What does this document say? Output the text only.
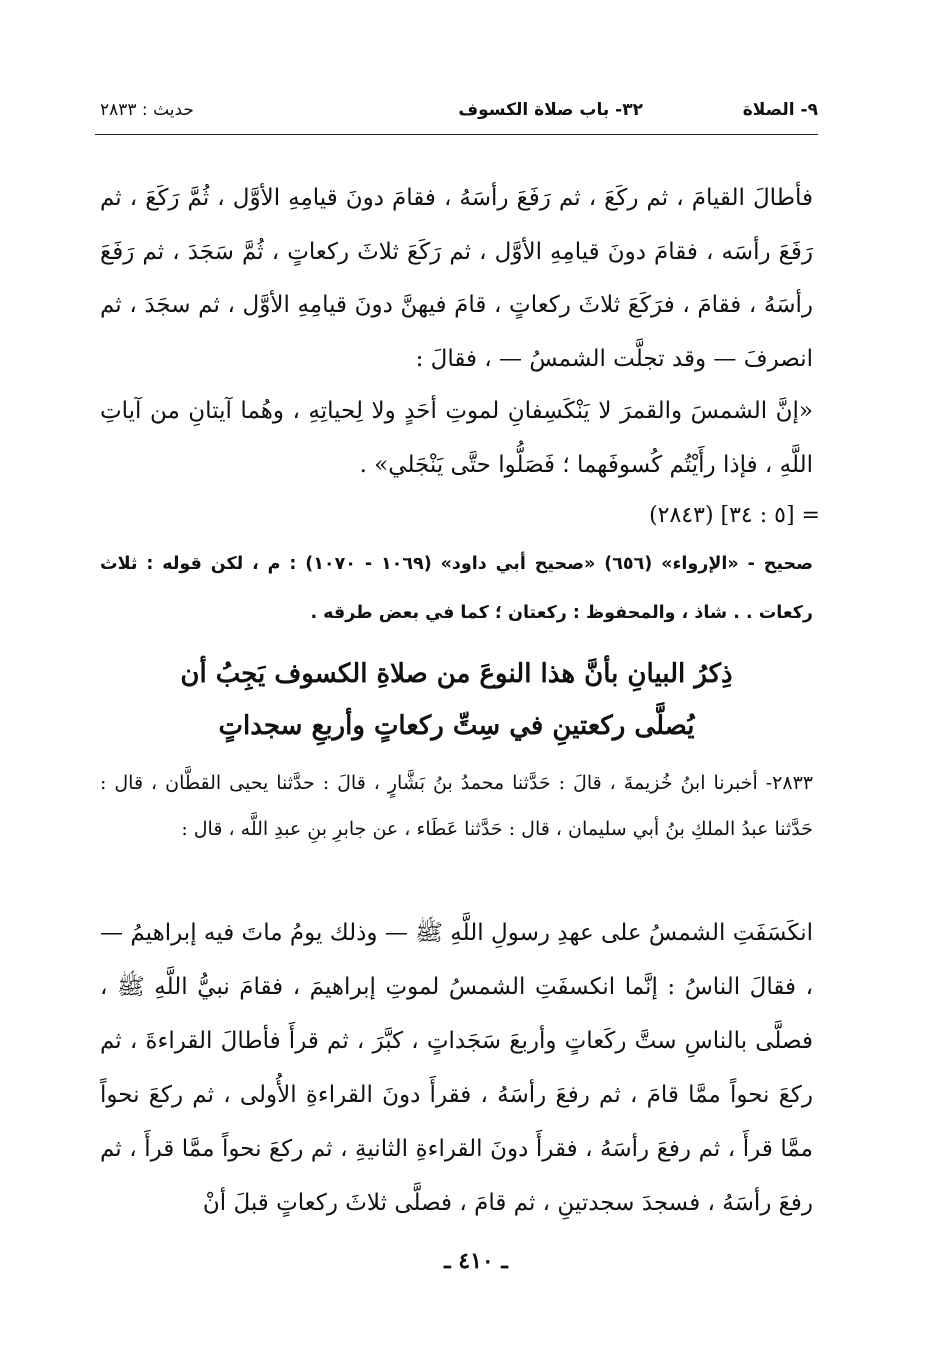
٩- الصلاة
٣٢- باب صلاة الكسوف
حديث : ٢٨٣٣

فأطالَ القيامَ ، ثم ركَعَ ، ثم رَفَعَ رأسَهُ ، فقامَ دونَ قيامِهِ الأوَّل ، ثُمَّ رَكَعَ ، ثم رَفَعَ رأسَه ، فقامَ دونَ قيامِهِ الأوَّل ، ثم رَكَعَ ثلاثَ ركعاتٍ ، ثُمَّ سَجَدَ ، ثم رَفَعَ رأسَهُ ، فقامَ ، فرَكَعَ ثلاثَ ركعاتٍ ، قامَ فيهنَّ دونَ قيامِهِ الأوَّل ، ثم سجَدَ ، ثم انصرفَ — وقد تجلَّت الشمسُ — ، فقالَ :

«إنَّ الشمسَ والقمرَ لا يَنْكَسِفانِ لموتِ أحَدٍ ولا لِحياتِهِ ، وهُما آيتانِ من آياتِ اللَّهِ ، فإذا رأَيْتُم كُسوفَهما ؛ فَصَلُّوا حتَّى يَنْجَلي» .

= [٥ : ٣٤] (٢٨٤٣)

صحيح - «الإرواء» (٦٥٦) «صحيح أبي داود» (١٠٦٩ - ١٠٧٠) : م ، لكن قوله : ثلاث ركعات . . شاذ ، والمحفوظ : ركعتان ؛ كما في بعض طرقه .

ذِكرُ البيانِ بأنَّ هذا النوعَ من صلاةِ الكسوف يَجِبُ أن
يُصلَّى ركعتينِ في سِتِّ ركعاتٍ وأربعِ سجداتٍ

٢٨٣٣- أخبرنا ابنُ خُزيمةَ ، قالَ : حَدَّثنا محمدُ بنُ بَشَّارٍ ، قالَ : حدَّثنا يحيى القطَّان ، قال : حَدَّثنا عبدُ الملكِ بنُ أبي سليمان ، قال : حَدَّثنا عَطَاء ، عن جابرِ بنِ عبدِ اللَّه ، قال :

انكَسَفَتِ الشمسُ على عهدِ رسولِ اللَّهِ ﷺ — وذلك يومُ ماتَ فيه إبراهيمُ — ، فقالَ الناسُ : إنَّما انكسفَتِ الشمسُ لموتِ إبراهيمَ ، فقامَ نبيُّ اللَّهِ ﷺ ، فصلَّى بالناسِ ستَّ ركَعاتٍ وأربعَ سَجَداتٍ ، كبَّرَ ، ثم قرأَ فأطالَ القراءةَ ، ثم ركعَ نحواً ممَّا قامَ ، ثم رفعَ رأسَهُ ، فقرأَ دونَ القراءةِ الأُولى ، ثم ركعَ نحواً ممَّا قرأَ ، ثم رفعَ رأسَهُ ، فقرأَ دونَ القراءةِ الثانيةِ ، ثم ركعَ نحواً ممَّا قرأَ ، ثم رفعَ رأسَهُ ، فسجدَ سجدتينِ ، ثم قامَ ، فصلَّى ثلاثَ ركعاتٍ قبلَ أنْ

ـ ٤١٠ ـ
